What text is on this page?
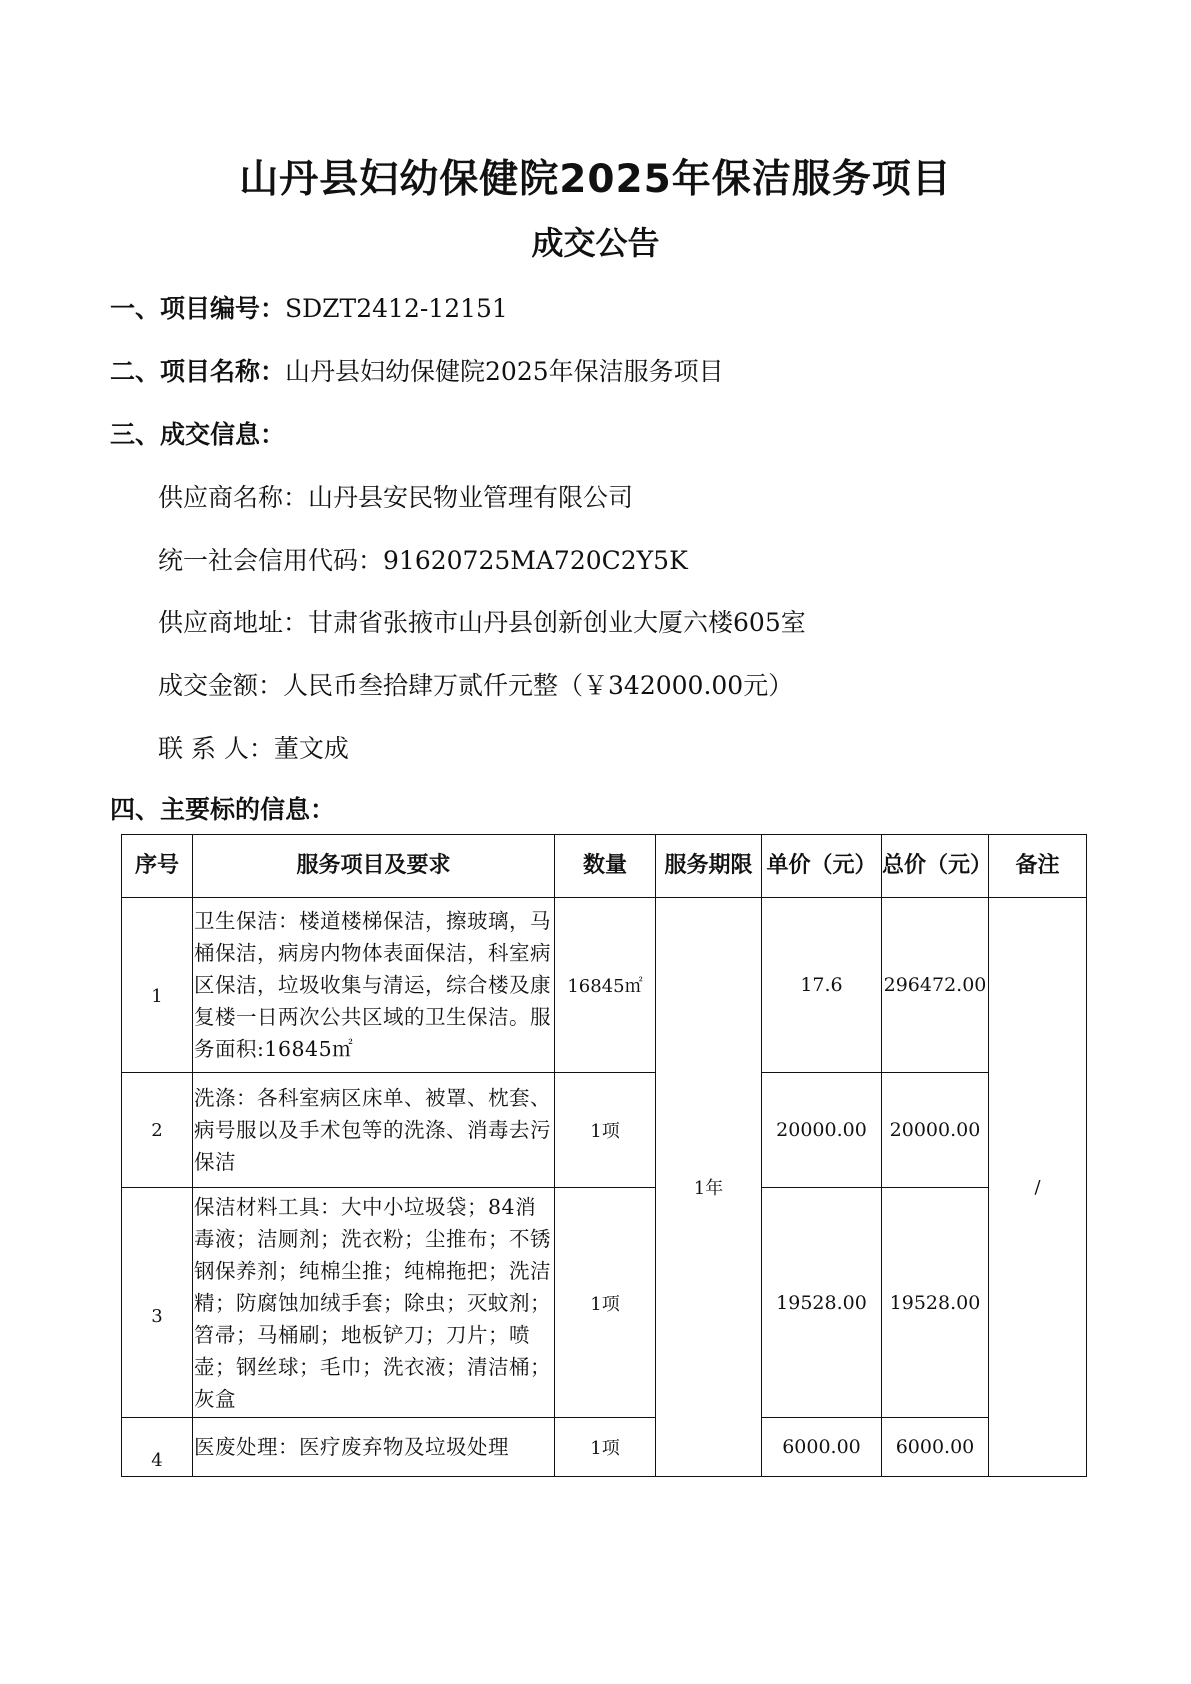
山丹县妇幼保健院2025年保洁服务项目
成交公告
一、项目编号：SDZT2412-12151
二、项目名称：山丹县妇幼保健院2025年保洁服务项目
三、成交信息：
供应商名称：山丹县安民物业管理有限公司
统一社会信用代码：91620725MA720C2Y5K
供应商地址：甘肃省张掖市山丹县创新创业大厦六楼605室
成交金额：人民币叁拾肆万贰仟元整（￥342000.00元）
联 系 人：董文成
四、主要标的信息：
序号	服务项目及要求	数量	服务期限	单价（元）	总价（元）	备注
1	卫生保洁：楼道楼梯保洁，擦玻璃，马桶保洁，病房内物体表面保洁，科室病区保洁，垃圾收集与清运，综合楼及康复楼一日两次公共区域的卫生保洁。服务面积:16845㎡	16845㎡	1年	17.6	296472.00	/
2	洗涤：各科室病区床单、被罩、枕套、病号服以及手术包等的洗涤、消毒去污保洁	1项		20000.00	20000.00	
3	保洁材料工具：大中小垃圾袋；84消毒液；洁厕剂；洗衣粉；尘推布；不锈钢保养剂；纯棉尘推；纯棉拖把；洗洁精；防腐蚀加绒手套；除虫；灭蚊剂；笤帚；马桶刷；地板铲刀；刀片；喷壶；钢丝球；毛巾；洗衣液；清洁桶；灰盒	1项		19528.00	19528.00	
4	医废处理：医疗废弃物及垃圾处理	1项		6000.00	6000.00	
